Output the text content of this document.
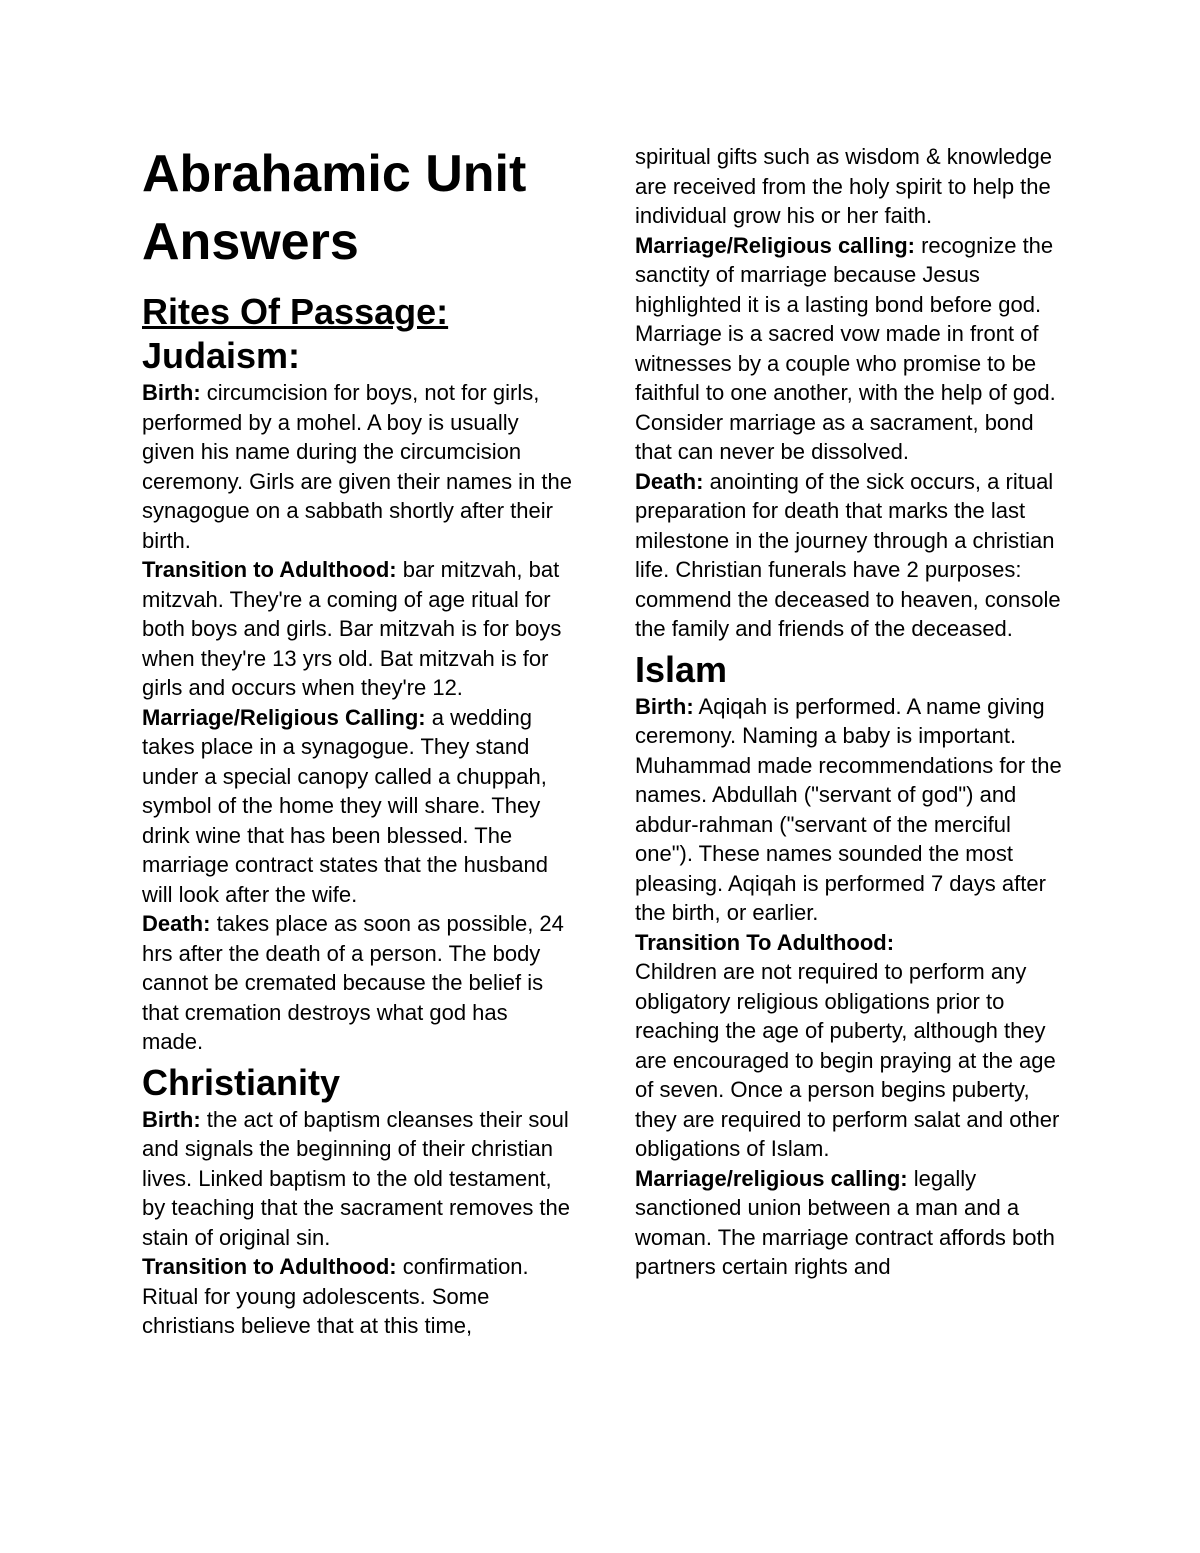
Abrahamic Unit
Answers
Rites Of Passage:
Judaism:

Birth: circumcision for boys, not for girls, performed by a mohel. A boy is usually given his name during the circumcision ceremony. Girls are given their names in the synagogue on a sabbath shortly after their birth.

Transition to Adulthood: bar mitzvah, bat mitzvah. They're a coming of age ritual for both boys and girls. Bar mitzvah is for boys when they're 13 yrs old. Bat mitzvah is for girls and occurs when they're 12.

Marriage/Religious Calling: a wedding takes place in a synagogue. They stand under a special canopy called a chuppah, symbol of the home they will share. They drink wine that has been blessed. The marriage contract states that the husband will look after the wife.

Death: takes place as soon as possible, 24 hrs after the death of a person. The body cannot be cremated because the belief is that cremation destroys what god has made.

Christianity

Birth: the act of baptism cleanses their soul and signals the beginning of their christian lives. Linked baptism to the old testament, by teaching that the sacrament removes the stain of original sin.

Transition to Adulthood: confirmation. Ritual for young adolescents. Some christians believe that at this time,

spiritual gifts such as wisdom & knowledge are received from the holy spirit to help the individual grow his or her faith.

Marriage/Religious calling: recognize the sanctity of marriage because Jesus highlighted it is a lasting bond before god. Marriage is a sacred vow made in front of witnesses by a couple who promise to be faithful to one another, with the help of god. Consider marriage as a sacrament, bond that can never be dissolved.

Death: anointing of the sick occurs, a ritual preparation for death that marks the last milestone in the journey through a christian life. Christian funerals have 2 purposes: commend the deceased to heaven, console the family and friends of the deceased.

Islam

Birth: Aqiqah is performed. A name giving ceremony. Naming a baby is important. Muhammad made recommendations for the names. Abdullah ("servant of god") and abdur-rahman ("servant of the merciful one"). These names sounded the most pleasing. Aqiqah is performed 7 days after the birth, or earlier.

Transition To Adulthood:
Children are not required to perform any obligatory religious obligations prior to reaching the age of puberty, although they are encouraged to begin praying at the age of seven. Once a person begins puberty, they are required to perform salat and other obligations of Islam.

Marriage/religious calling: legally sanctioned union between a man and a woman. The marriage contract affords both partners certain rights and
